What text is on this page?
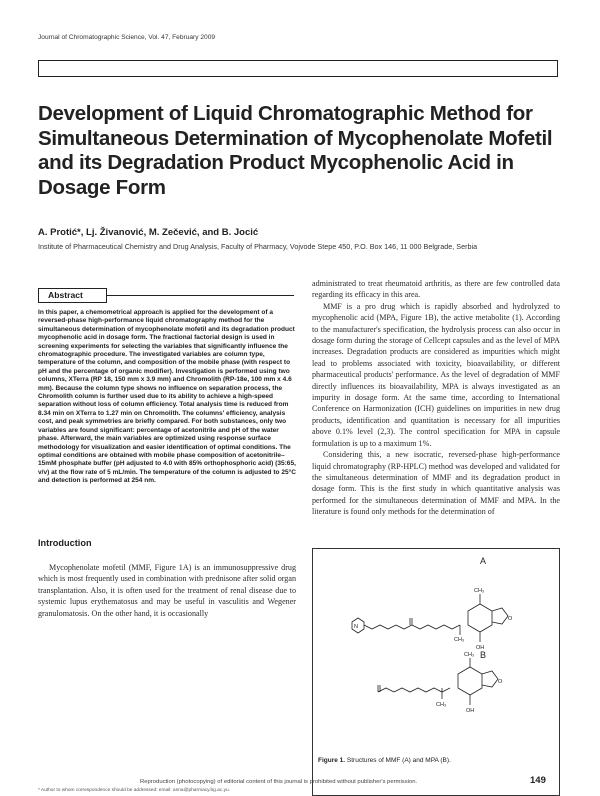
Journal of Chromatographic Science, Vol. 47, February 2009
Development of Liquid Chromatographic Method for Simultaneous Determination of Mycophenolate Mofetil and its Degradation Product Mycophenolic Acid in Dosage Form
A. Protić*, Lj. Živanović, M. Zečević, and B. Jocić
Institute of Pharmaceutical Chemistry and Drug Analysis, Faculty of Pharmacy, Vojvode Stepe 450, P.O. Box 146, 11 000 Belgrade, Serbia
Abstract

In this paper, a chemometrical approach is applied for the development of a reversed-phase high-performance liquid chromatography method for the simultaneous determination of mycophenolate mofetil and its degradation product mycophenolic acid in dosage form. The fractional factorial design is used in screening experiments for selecting the variables that significantly influence the chromatographic procedure. The investigated variables are column type, temperature of the column, and composition of the mobile phase (with respect to pH and the percentage of organic modifier). Investigation is performed using two columns, XTerra (RP 18, 150 mm x 3.9 mm) and Chromolith (RP-18e, 100 mm x 4.6 mm). Because the column type shows no influence on separation process, the Chromolith column is further used due to its ability to achieve a high-speed separation without loss of column efficiency. Total analysis time is reduced from 8.34 min on XTerra to 1.27 min on Chromolith. The columns' efficiency, analysis cost, and peak symmetries are briefly compared. For both substances, only two variables are found significant: percentage of acetonitrile and pH of the water phase. Afterward, the main variables are optimized using response surface methodology for visualization and easier identification of optimal conditions. The optimal conditions are obtained with mobile phase composition of acetonitrile–15mM phosphate buffer (pH adjusted to 4.0 with 85% orthophosphoric acid) (35:65, v/v) at the flow rate of 5 mL/min. The temperature of the column is adjusted to 25°C and detection is performed at 254 nm.

Introduction

Mycophenolate mofetil (MMF, Figure 1A) is an immunosuppressive drug which is most frequently used in combination with prednisone after solid organ transplantation. Also, it is often used for the treatment of renal disease due to systemic lupus erythematosus and may be useful in vasculitis and Wegener granulomatosis. On the other hand, it is occasionally

administrated to treat rheumatoid arthritis, as there are few controlled data regarding its efficacy in this area.

MMF is a pro drug which is rapidly absorbed and hydrolyzed to mycophenolic acid (MPA, Figure 1B), the active metabolite (1). According to the manufacturer's specification, the hydrolysis process can also occur in dosage form during the storage of Cellcept capsules and as the level of MPA increases. Degradation products are considered as impurities which might lead to problems associated with toxicity, bioavailability, or different pharmaceutical products' performance. As the level of degradation of MMF directly influences its bioavailability, MPA is always investigated as an impurity in dosage form. At the same time, according to International Conference on Harmonization (ICH) guidelines on impurities in new drug products, identification and quantitation is necessary for all impurities above 0.1% level (2,3). The control specification for MPA in capsule formulation is up to a maximum 1%.

Considering this, a new isocratic, reversed-phase high-performance liquid chromatography (RP-HPLC) method was developed and validated for the simultaneous determination of MMF and its degradation product in dosage form. This is the first study in which quantitative analysis was performed for the simultaneous determination of MMF and MPA. In the literature is found only methods for the determination of

A
B
CH₃
CH₃
OH
O
N
CH₃
CH₃
OH
O
Figure 1. Structures of MMF (A) and MPA (B).
* Author to whom correspondence should be addressed: email: anna@pharmacy.bg.ac.yu.
Reproduction (photocopying) of editorial content of this journal is prohibited without publisher's permission.	149
